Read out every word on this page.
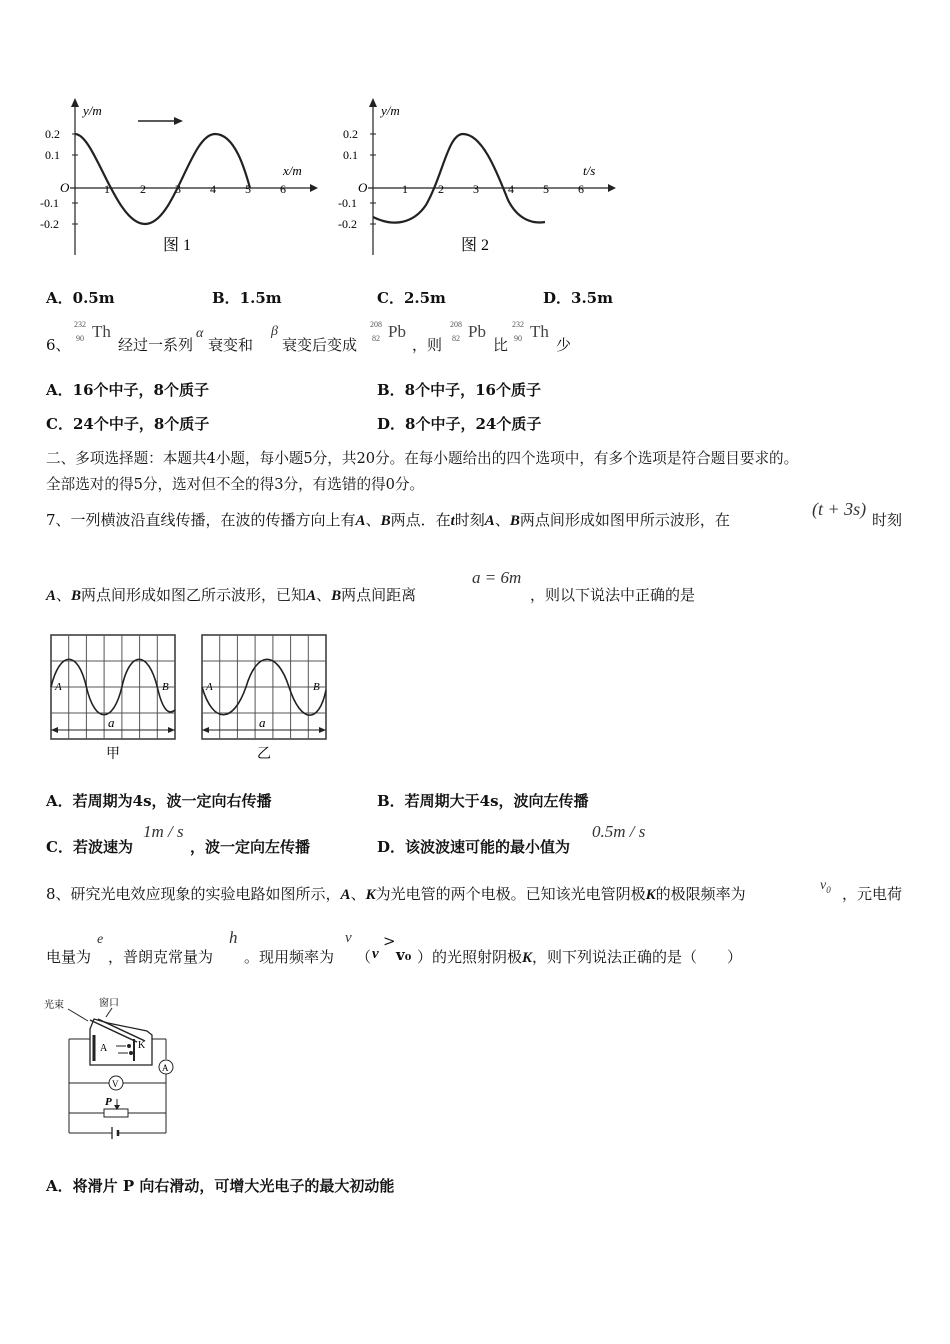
y/m
x/m
O
0.2
0.1
-0.1
-0.2
1	2 3 4 5 6
图 1
y/m
t/s
O
0.2
0.1
-0.1
-0.2
1	2 3 4 5 6
图 2
A．0.5m	B．1.5m	C．2.5m	D．3.5m
6、
232
90 Th
经过一系列
α
衰变和
β
衰变后变成
208
82 Pb
，则
208
82 Pb
比
232
90 Th
少
A．16个中子，8个质子	B．8个中子，16个质子
C．24个中子，8个质子	D．8个中子，24个质子
二、多项选择题：本题共4小题，每小题5分，共20分。在每小题给出的四个选项中，有多个选项是符合题目要求的。
全部选对的得5分，选对但不全的得3分，有选错的得0分。
7、一列横波沿直线传播，在波的传播方向上有A、B两点．在t时刻A、B两点间形成如图甲所示波形，在
(t + 3s)
时刻
A、B两点间形成如图乙所示波形，已知A、B两点间距离
a = 6m
，则以下说法中正确的是
A	B
a
甲
A	B
a
乙
A．若周期为4s，波一定向右传播	B．若周期大于4s，波向左传播
C．若波速为
1m / s
，波一定向左传播	D．该波波速可能的最小值为
0.5m / s
8、研究光电效应现象的实验电路如图所示，A、K为光电管的两个电极。已知该光电管阴极K的极限频率为	$\nu_0$ ，元电荷
电量为
e
，普朗克常量为
h
。现用频率为
ν
（ v
>
v₀ ）的光照射阴极K，则下列说法正确的是（　　）
光束	窗口
A	K
A
V
P
A．将滑片 P 向右滑动，可增大光电子的最大初动能
